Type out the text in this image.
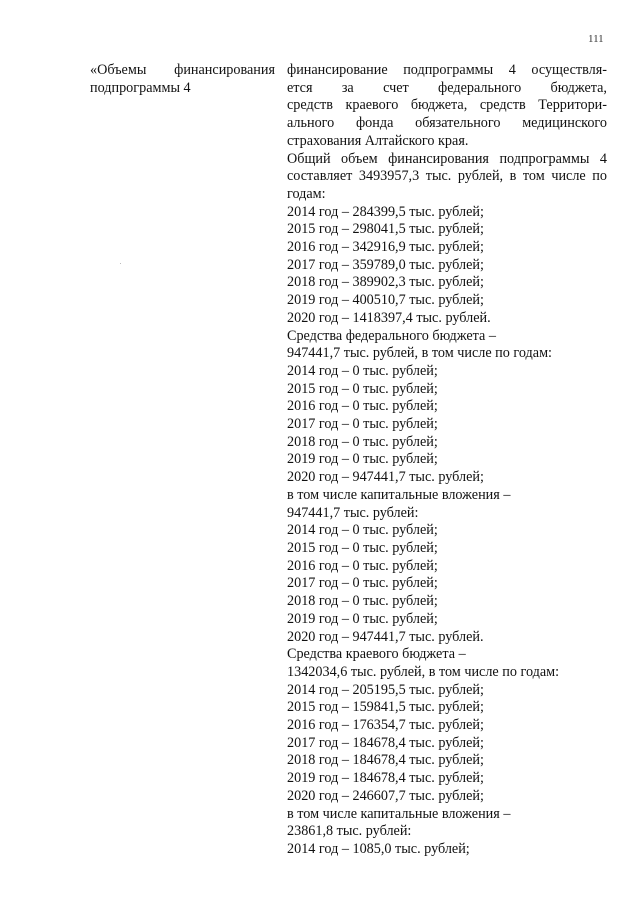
111
«Объемы финансирования
подпрограммы 4
финансирование подпрограммы 4 осуществля-
ется за счет федерального бюджета,
средств краевого бюджета, средств Территори-
ального фонда обязательного медицинского
страхования Алтайского края.
Общий объем финансирования подпрограммы 4
составляет 3493957,3 тыс. рублей, в том числе по
годам:
2014 год – 284399,5 тыс. рублей;
2015 год – 298041,5 тыс. рублей;
2016 год – 342916,9 тыс. рублей;
2017 год – 359789,0 тыс. рублей;
2018 год – 389902,3 тыс. рублей;
2019 год – 400510,7 тыс. рублей;
2020 год – 1418397,4 тыс. рублей.
Средства федерального бюджета –
947441,7 тыс. рублей, в том числе по годам:
2014 год – 0 тыс. рублей;
2015 год – 0 тыс. рублей;
2016 год – 0 тыс. рублей;
2017 год – 0 тыс. рублей;
2018 год – 0 тыс. рублей;
2019 год – 0 тыс. рублей;
2020 год – 947441,7 тыс. рублей;
в том числе капитальные вложения –
947441,7 тыс. рублей:
2014 год – 0 тыс. рублей;
2015 год – 0 тыс. рублей;
2016 год – 0 тыс. рублей;
2017 год – 0 тыс. рублей;
2018 год – 0 тыс. рублей;
2019 год – 0 тыс. рублей;
2020 год – 947441,7 тыс. рублей.
Средства краевого бюджета –
1342034,6 тыс. рублей, в том числе по годам:
2014 год – 205195,5 тыс. рублей;
2015 год – 159841,5 тыс. рублей;
2016 год – 176354,7 тыс. рублей;
2017 год – 184678,4 тыс. рублей;
2018 год – 184678,4 тыс. рублей;
2019 год – 184678,4 тыс. рублей;
2020 год – 246607,7 тыс. рублей;
в том числе капитальные вложения –
23861,8 тыс. рублей:
2014 год – 1085,0 тыс. рублей;
